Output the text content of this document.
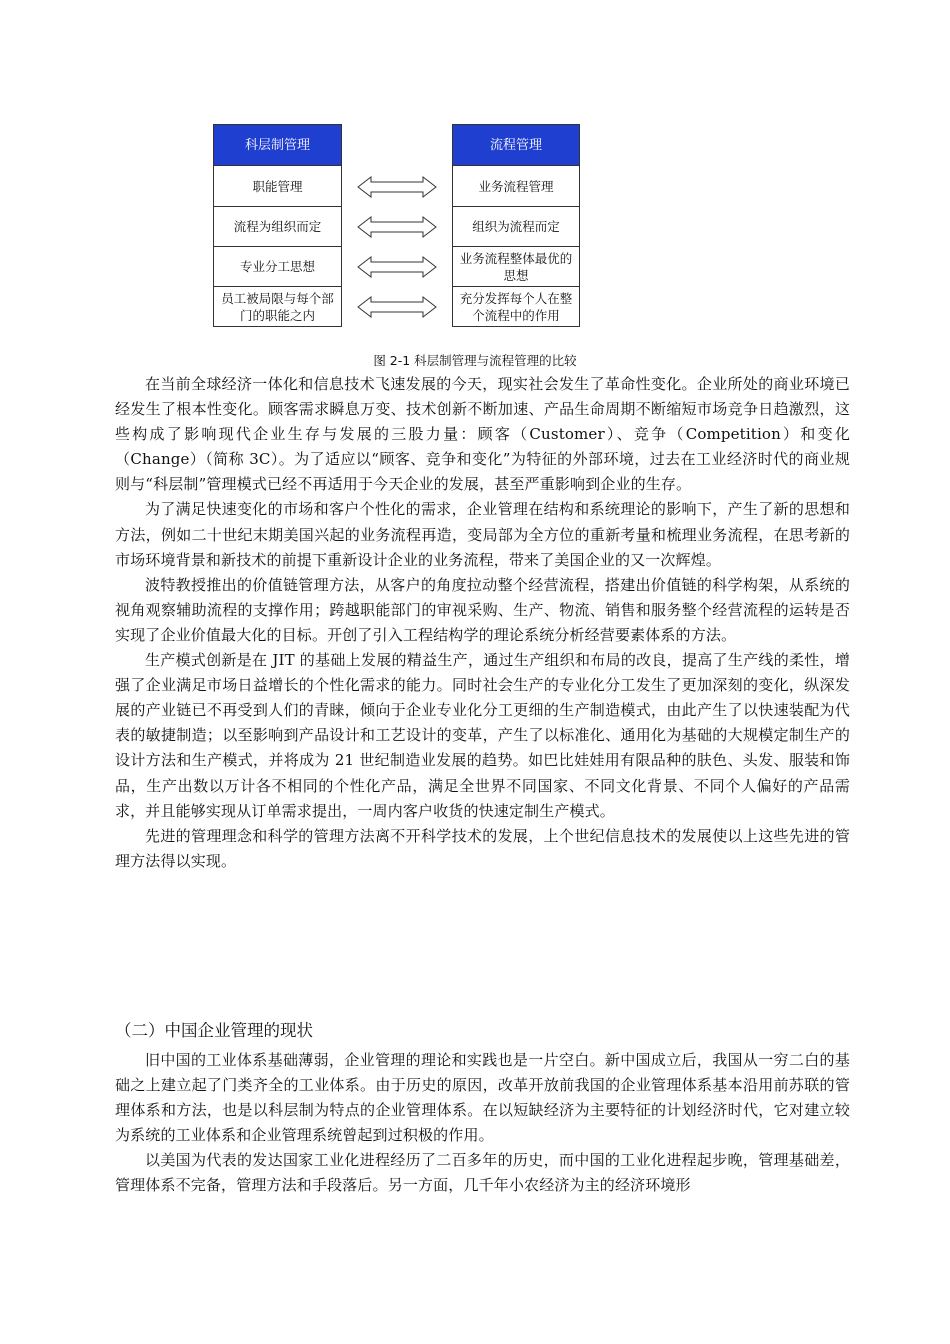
科层制管理
职能管理
流程为组织而定
专业分工思想
员工被局限与每个部门的职能之内
流程管理
业务流程管理
组织为流程而定
业务流程整体最优的思想
充分发挥每个人在整个流程中的作用
图 2-1 科层制管理与流程管理的比较

在当前全球经济一体化和信息技术飞速发展的今天，现实社会发生了革命性变化。企业所处的商业环境已经发生了根本性变化。顾客需求瞬息万变、技术创新不断加速、产品生命周期不断缩短市场竞争日趋激烈，这些构成了影响现代企业生存与发展的三股力量：顾客（Customer）、竞争（Competition）和变化（Change）（简称 3C）。为了适应以“顾客、竞争和变化”为特征的外部环境，过去在工业经济时代的商业规则与“科层制”管理模式已经不再适用于今天企业的发展，甚至严重影响到企业的生存。

为了满足快速变化的市场和客户个性化的需求，企业管理在结构和系统理论的影响下，产生了新的思想和方法，例如二十世纪末期美国兴起的业务流程再造，变局部为全方位的重新考量和梳理业务流程，在思考新的市场环境背景和新技术的前提下重新设计企业的业务流程，带来了美国企业的又一次辉煌。

波特教授推出的价值链管理方法，从客户的角度拉动整个经营流程，搭建出价值链的科学构架，从系统的视角观察辅助流程的支撑作用；跨越职能部门的审视采购、生产、物流、销售和服务整个经营流程的运转是否实现了企业价值最大化的目标。开创了引入工程结构学的理论系统分析经营要素体系的方法。

生产模式创新是在 JIT 的基础上发展的精益生产，通过生产组织和布局的改良，提高了生产线的柔性，增强了企业满足市场日益增长的个性化需求的能力。同时社会生产的专业化分工发生了更加深刻的变化，纵深发展的产业链已不再受到人们的青睐，倾向于企业专业化分工更细的生产制造模式，由此产生了以快速装配为代表的敏捷制造；以至影响到产品设计和工艺设计的变革，产生了以标准化、通用化为基础的大规模定制生产的设计方法和生产模式，并将成为 21 世纪制造业发展的趋势。如巴比娃娃用有限品种的肤色、头发、服装和饰品，生产出数以万计各不相同的个性化产品，满足全世界不同国家、不同文化背景、不同个人偏好的产品需求，并且能够实现从订单需求提出，一周内客户收货的快速定制生产模式。

先进的管理理念和科学的管理方法离不开科学技术的发展，上个世纪信息技术的发展使以上这些先进的管理方法得以实现。

（二）中国企业管理的现状

旧中国的工业体系基础薄弱，企业管理的理论和实践也是一片空白。新中国成立后，我国从一穷二白的基础之上建立起了门类齐全的工业体系。由于历史的原因，改革开放前我国的企业管理体系基本沿用前苏联的管理体系和方法，也是以科层制为特点的企业管理体系。在以短缺经济为主要特征的计划经济时代，它对建立较为系统的工业体系和企业管理系统曾起到过积极的作用。

以美国为代表的发达国家工业化进程经历了二百多年的历史，而中国的工业化进程起步晚，管理基础差，管理体系不完备，管理方法和手段落后。另一方面，几千年小农经济为主的经济环境形
